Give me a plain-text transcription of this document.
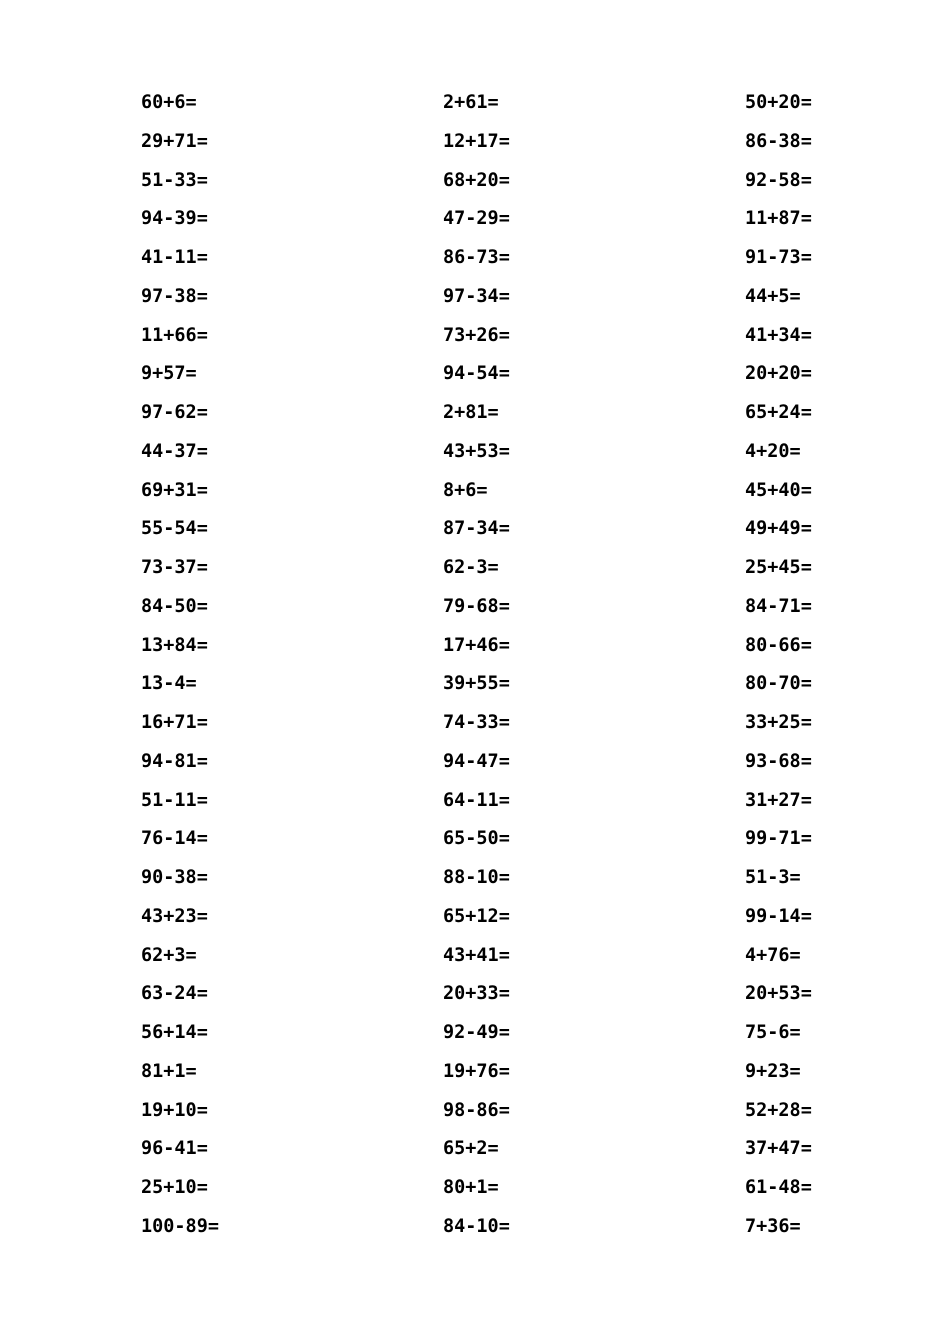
60+6=
29+71=
51-33=
94-39=
41-11=
97-38=
11+66=
9+57=
97-62=
44-37=
69+31=
55-54=
73-37=
84-50=
13+84=
13-4=
16+71=
94-81=
51-11=
76-14=
90-38=
43+23=
62+3=
63-24=
56+14=
81+1=
19+10=
96-41=
25+10=
100-89=
2+61=
12+17=
68+20=
47-29=
86-73=
97-34=
73+26=
94-54=
2+81=
43+53=
8+6=
87-34=
62-3=
79-68=
17+46=
39+55=
74-33=
94-47=
64-11=
65-50=
88-10=
65+12=
43+41=
20+33=
92-49=
19+76=
98-86=
65+2=
80+1=
84-10=
50+20=
86-38=
92-58=
11+87=
91-73=
44+5=
41+34=
20+20=
65+24=
4+20=
45+40=
49+49=
25+45=
84-71=
80-66=
80-70=
33+25=
93-68=
31+27=
99-71=
51-3=
99-14=
4+76=
20+53=
75-6=
9+23=
52+28=
37+47=
61-48=
7+36=
